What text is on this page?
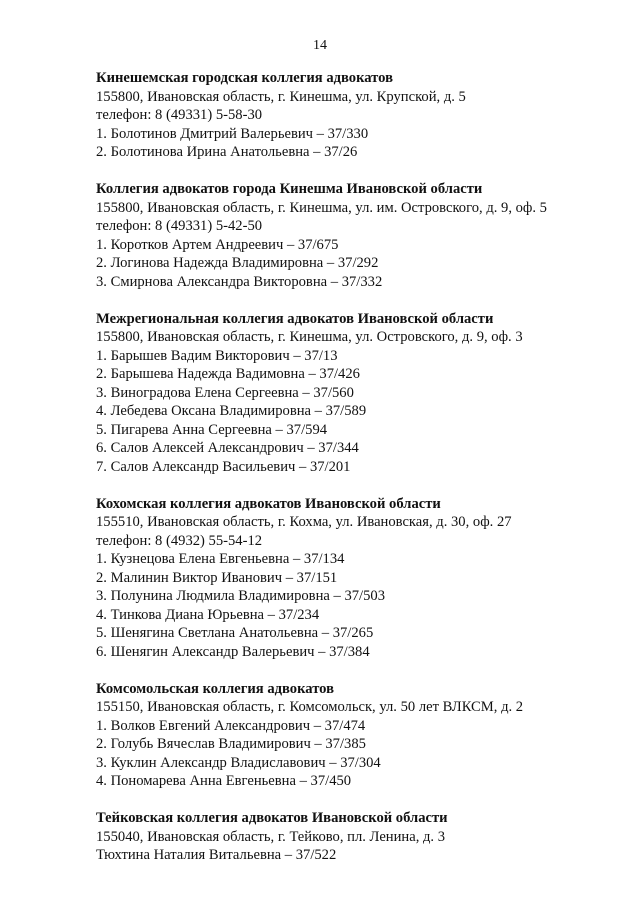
14
Кинешемская городская коллегия адвокатов
155800, Ивановская область, г. Кинешма, ул. Крупской, д. 5
телефон: 8 (49331) 5-58-30
1. Болотинов Дмитрий Валерьевич – 37/330
2. Болотинова Ирина Анатольевна – 37/26
Коллегия адвокатов города Кинешма Ивановской области
155800, Ивановская область, г. Кинешма, ул. им. Островского, д. 9, оф. 5
телефон: 8 (49331) 5-42-50
1. Коротков Артем Андреевич – 37/675
2. Логинова Надежда Владимировна – 37/292
3. Смирнова Александра Викторовна – 37/332
Межрегиональная коллегия адвокатов Ивановской области
155800, Ивановская область, г. Кинешма, ул. Островского, д. 9, оф. 3
1. Барышев Вадим Викторович – 37/13
2. Барышева Надежда Вадимовна – 37/426
3. Виноградова Елена Сергеевна – 37/560
4. Лебедева Оксана Владимировна – 37/589
5. Пигарева Анна Сергеевна – 37/594
6. Салов Алексей Александрович – 37/344
7. Салов Александр Васильевич – 37/201
Кохомская коллегия адвокатов Ивановской области
155510, Ивановская область, г. Кохма, ул. Ивановская, д. 30, оф. 27
телефон: 8 (4932) 55-54-12
1. Кузнецова Елена Евгеньевна – 37/134
2. Малинин Виктор Иванович – 37/151
3. Полунина Людмила Владимировна – 37/503
4. Тинкова Диана Юрьевна – 37/234
5. Шенягина Светлана Анатольевна – 37/265
6. Шенягин Александр Валерьевич – 37/384
Комсомольская коллегия адвокатов
155150, Ивановская область, г. Комсомольск, ул. 50 лет ВЛКСМ, д. 2
1. Волков Евгений Александрович – 37/474
2. Голубь Вячеслав Владимирович – 37/385
3. Куклин Александр Владиславович – 37/304
4. Пономарева Анна Евгеньевна – 37/450
Тейковская коллегия адвокатов Ивановской области
155040, Ивановская область, г. Тейково, пл. Ленина, д. 3
Тюхтина Наталия Витальевна – 37/522
